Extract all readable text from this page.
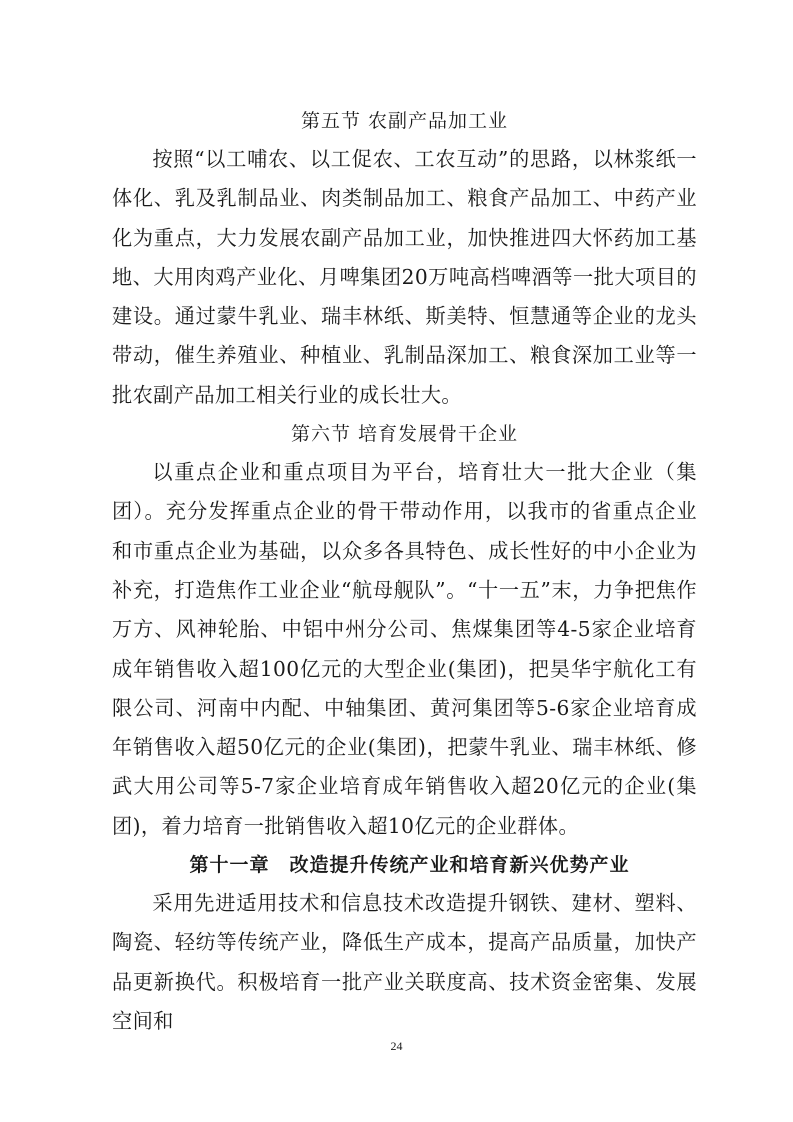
第五节 农副产品加工业

按照“以工哺农、以工促农、工农互动”的思路，以林浆纸一体化、乳及乳制品业、肉类制品加工、粮食产品加工、中药产业化为重点，大力发展农副产品加工业，加快推进四大怀药加工基地、大用肉鸡产业化、月啤集团20万吨高档啤酒等一批大项目的建设。通过蒙牛乳业、瑞丰林纸、斯美特、恒慧通等企业的龙头带动，催生养殖业、种植业、乳制品深加工、粮食深加工业等一批农副产品加工相关行业的成长壮大。

第六节 培育发展骨干企业

以重点企业和重点项目为平台，培育壮大一批大企业（集团）。充分发挥重点企业的骨干带动作用，以我市的省重点企业和市重点企业为基础，以众多各具特色、成长性好的中小企业为补充，打造焦作工业企业“航母舰队”。“十一五”末，力争把焦作万方、风神轮胎、中铝中州分公司、焦煤集团等4-5家企业培育成年销售收入超100亿元的大型企业(集团)，把昊华宇航化工有限公司、河南中内配、中轴集团、黄河集团等5-6家企业培育成年销售收入超50亿元的企业(集团)，把蒙牛乳业、瑞丰林纸、修武大用公司等5-7家企业培育成年销售收入超20亿元的企业(集团)，着力培育一批销售收入超10亿元的企业群体。

第十一章　改造提升传统产业和培育新兴优势产业

采用先进适用技术和信息技术改造提升钢铁、建材、塑料、陶瓷、轻纺等传统产业，降低生产成本，提高产品质量，加快产品更新换代。积极培育一批产业关联度高、技术资金密集、发展空间和

24
